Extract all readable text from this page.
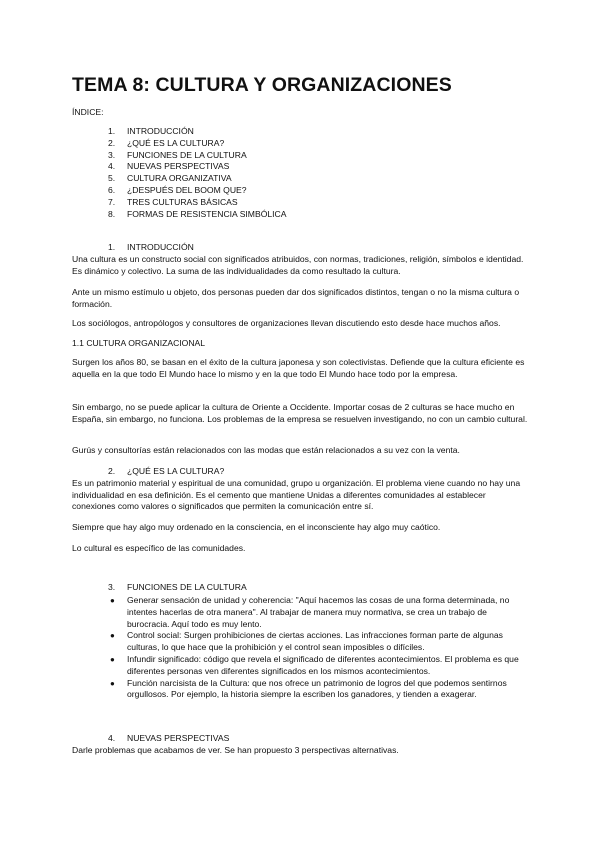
TEMA 8: CULTURA Y ORGANIZACIONES

ÍNDICE:

1.	INTRODUCCIÓN
2.	¿QUÉ ES LA CULTURA?
3.	FUNCIONES DE LA CULTURA
4.	NUEVAS PERSPECTIVAS
5.	CULTURA ORGANIZATIVA
6.	¿DESPUÉS DEL BOOM QUE?
7.	TRES CULTURAS BÁSICAS
8.	FORMAS DE RESISTENCIA SIMBÓLICA

1.	INTRODUCCIÓN

Una cultura es un constructo social con significados atribuidos, con normas, tradiciones, religión, símbolos e identidad. Es dinámico y colectivo. La suma de las individualidades da como resultado la cultura.

Ante un mismo estímulo u objeto, dos personas pueden dar dos significados distintos, tengan o no la misma cultura o formación.

Los sociólogos, antropólogos y consultores de organizaciones llevan discutiendo esto desde hace muchos años.

1.1 CULTURA ORGANIZACIONAL

Surgen los años 80, se basan en el éxito de la cultura japonesa y son colectivistas. Defiende que la cultura eficiente es aquella en la que todo El Mundo hace lo mismo y en la que todo El Mundo hace todo por la empresa.

Sin embargo, no se puede aplicar la cultura de Oriente a Occidente. Importar cosas de 2 culturas se hace mucho en España, sin embargo, no funciona. Los problemas de la empresa se resuelven investigando, no con un cambio cultural.

Gurús y consultorías están relacionados con las modas que están relacionados a su vez con la venta.

2.	¿QUÉ ES LA CULTURA?

Es un patrimonio material y espiritual de una comunidad, grupo u organización. El problema viene cuando no hay una individualidad en esa definición. Es el cemento que mantiene Unidas a diferentes comunidades al establecer conexiones como valores o significados que permiten la comunicación entre sí.

Siempre que hay algo muy ordenado en la consciencia, en el inconsciente hay algo muy caótico.

Lo cultural es específico de las comunidades.

3.	FUNCIONES DE LA CULTURA

● Generar sensación de unidad y coherencia: "Aquí hacemos las cosas de una forma determinada, no intentes hacerlas de otra manera". Al trabajar de manera muy normativa, se crea un trabajo de burocracia. Aquí todo es muy lento.
● Control social: Surgen prohibiciones de ciertas acciones. Las infracciones forman parte de algunas culturas, lo que hace que la prohibición y el control sean imposibles o difíciles.
● Infundir significado: código que revela el significado de diferentes acontecimientos. El problema es que diferentes personas ven diferentes significados en los mismos acontecimientos.
● Función narcisista de la Cultura: que nos ofrece un patrimonio de logros del que podemos sentirnos orgullosos. Por ejemplo, la historia siempre la escriben los ganadores, y tienden a exagerar.

4.	NUEVAS PERSPECTIVAS

Darle problemas que acabamos de ver. Se han propuesto 3 perspectivas alternativas.
